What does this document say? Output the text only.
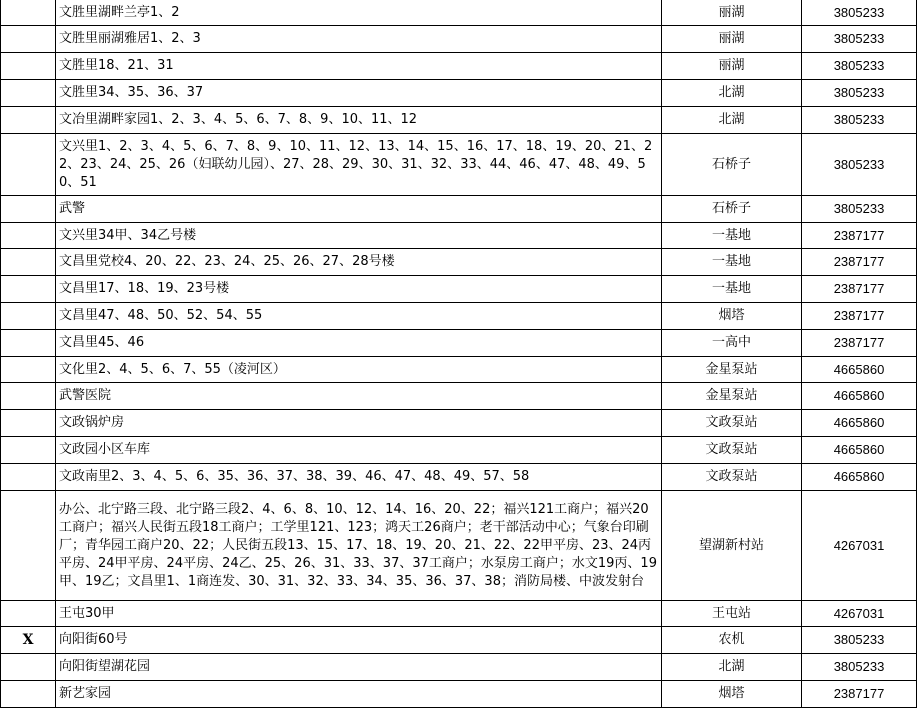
	文胜里湖畔兰亭1、2	丽湖	3805233
	文胜里丽湖雅居1、2、3	丽湖	3805233
	文胜里18、21、31	丽湖	3805233
	文胜里34、35、36、37	北湖	3805233
	文冶里湖畔家园1、2、3、4、5、6、7、8、9、10、11、12	北湖	3805233
	文兴里1、2、3、4、5、6、7、8、9、10、11、12、13、14、15、16、17、18、19、20、21、22、23、24、25、26（妇联幼儿园）、27、28、29、30、31、32、33、44、46、47、48、49、50、51	石桥子	3805233
	武警	石桥子	3805233
	文兴里34甲、34乙号楼	一基地	2387177
	文昌里党校4、20、22、23、24、25、26、27、28号楼	一基地	2387177
	文昌里17、18、19、23号楼	一基地	2387177
	文昌里47、48、50、52、54、55	烟塔	2387177
	文昌里45、46	一高中	2387177
	文化里2、4、5、6、7、55（凌河区）	金星泵站	4665860
	武警医院	金星泵站	4665860
	文政锅炉房	文政泵站	4665860
	文政园小区车库	文政泵站	4665860
	文政南里2、3、4、5、6、35、36、37、38、39、46、47、48、49、57、58	文政泵站	4665860
	办公、北宁路三段、北宁路三段2、4、6、8、10、12、14、16、20、22；福兴121工商户；福兴20工商户；福兴人民街五段18工商户；工学里121、123；鸿天工26商户；老干部活动中心；气象台印刷厂；青华园工商户20、22；人民街五段13、15、17、18、19、20、21、22、22甲平房、23、24丙平房、24甲平房、24平房、24乙、25、26、31、33、37、37工商户；水泵房工商户；水文19丙、19甲、19乙；文昌里1、1商连发、30、31、32、33、34、35、36、37、38；消防局楼、中波发射台	望湖新村站	4267031
	王屯30甲	王屯站	4267031
X	向阳街60号	农机	3805233
	向阳街望湖花园	北湖	3805233
	新艺家园	烟塔	2387177
